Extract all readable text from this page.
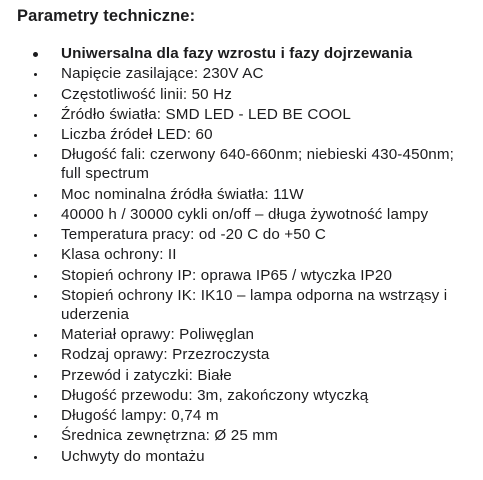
Parametry techniczne:
Uniwersalna dla fazy wzrostu i fazy dojrzewania
Napięcie zasilające: 230V AC
Częstotliwość linii: 50 Hz
Źródło światła: SMD LED - LED BE COOL
Liczba źródeł LED: 60
Długość fali: czerwony 640-660nm; niebieski 430-450nm; full spectrum
Moc nominalna źródła światła: 11W
40000 h / 30000 cykli on/off – długa żywotność lampy
Temperatura pracy: od -20 C do +50 C
Klasa ochrony: II
Stopień ochrony IP: oprawa IP65 / wtyczka IP20
Stopień ochrony IK: IK10 – lampa odporna na wstrząsy i uderzenia
Materiał oprawy: Poliwęglan
Rodzaj oprawy: Przezroczysta
Przewód i zatyczki: Białe
Długość przewodu: 3m, zakończony wtyczką
Długość lampy: 0,74 m
Średnica zewnętrzna: Ø 25 mm
Uchwyty do montażu
